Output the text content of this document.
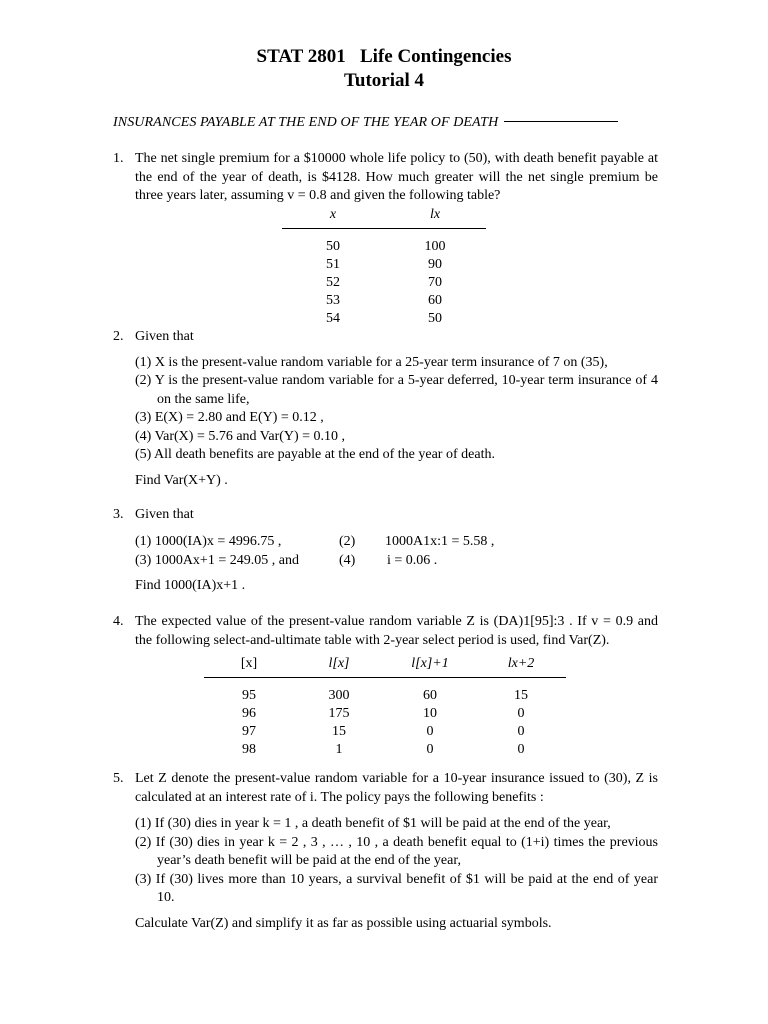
STAT 2801   Life Contingencies
Tutorial 4
INSURANCES PAYABLE AT THE END OF THE YEAR OF DEATH
1. The net single premium for a $10000 whole life policy to (50), with death benefit payable at the end of the year of death, is $4128. How much greater will the net single premium be three years later, assuming v = 0.8 and given the following table?
x	lx

50	100
51	90
52	70
53	60
54	50
2. Given that
(1) X is the present-value random variable for a 25-year term insurance of 7 on (35),
(2) Y is the present-value random variable for a 5-year deferred, 10-year term insurance of 4 on the same life,
(3) E(X) = 2.80 and E(Y) = 0.12 ,
(4) Var(X) = 5.76 and Var(Y) = 0.10 ,
(5) All death benefits are payable at the end of the year of death.
Find Var(X+Y) .
3. Given that
(1) 1000(IA)x = 4996.75 ,	(2) 1000A1x:1 = 5.58 ,
(3) 1000Ax+1 = 249.05 , and	(4) i = 0.06 .
Find 1000(IA)x+1 .
4. The expected value of the present-value random variable Z is (DA)1[95]:3 . If v = 0.9 and the following select-and-ultimate table with 2-year select period is used, find Var(Z).
[x]	l[x]	l[x]+1	lx+2

95	300	60	15
96	175	10	0
97	15	0	0
98	1	0	0
5. Let Z denote the present-value random variable for a 10-year insurance issued to (30), Z is calculated at an interest rate of i. The policy pays the following benefits :
(1) If (30) dies in year k = 1 , a death benefit of $1 will be paid at the end of the year,
(2) If (30) dies in year k = 2 , 3 , … , 10 , a death benefit equal to (1+i) times the previous year’s death benefit will be paid at the end of the year,
(3) If (30) lives more than 10 years, a survival benefit of $1 will be paid at the end of year 10.
Calculate Var(Z) and simplify it as far as possible using actuarial symbols.
